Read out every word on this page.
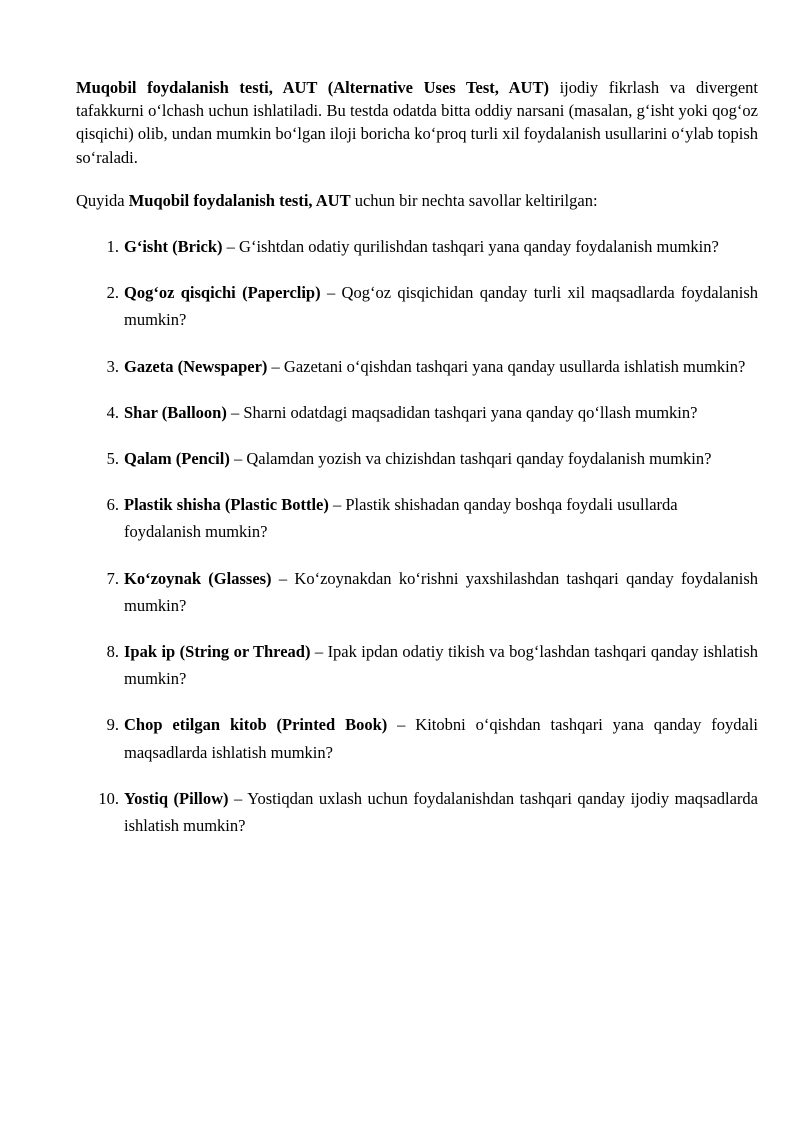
Muqobil foydalanish testi, AUT (Alternative Uses Test, AUT) ijodiy fikrlash va divergent tafakkurni oʻlchash uchun ishlatiladi. Bu testda odatda bitta oddiy narsani (masalan, gʻisht yoki qogʻoz qisqichi) olib, undan mumkin boʻlgan iloji boricha koʻproq turli xil foydalanish usullarini oʻylab topish soʻraladi.

Quyida Muqobil foydalanish testi, AUT uchun bir nechta savollar keltirilgan:

1. Gʻisht (Brick) – Gʻishtdan odatiy qurilishdan tashqari yana qanday foydalanish mumkin?
2. Qogʻoz qisqichi (Paperclip) – Qogʻoz qisqichidan qanday turli xil maqsadlarda foydalanish mumkin?
3. Gazeta (Newspaper) – Gazetani oʻqishdan tashqari yana qanday usullarda ishlatish mumkin?
4. Shar (Balloon) – Sharni odatdagi maqsadidan tashqari yana qanday qoʻllash mumkin?
5. Qalam (Pencil) – Qalamdan yozish va chizishdan tashqari qanday foydalanish mumkin?
6. Plastik shisha (Plastic Bottle) – Plastik shishadan qanday boshqa foydali usullarda foydalanish mumkin?
7. Koʻzoynak (Glasses) – Koʻzoynakdan koʻrishni yaxshilashdan tashqari qanday foydalanish mumkin?
8. Ipak ip (String or Thread) – Ipak ipdan odatiy tikish va bogʻlashdan tashqari qanday ishlatish mumkin?
9. Chop etilgan kitob (Printed Book) – Kitobni oʻqishdan tashqari yana qanday foydali maqsadlarda ishlatish mumkin?
10. Yostiq (Pillow) – Yostiqdan uxlash uchun foydalanishdan tashqari qanday ijodiy maqsadlarda ishlatish mumkin?
